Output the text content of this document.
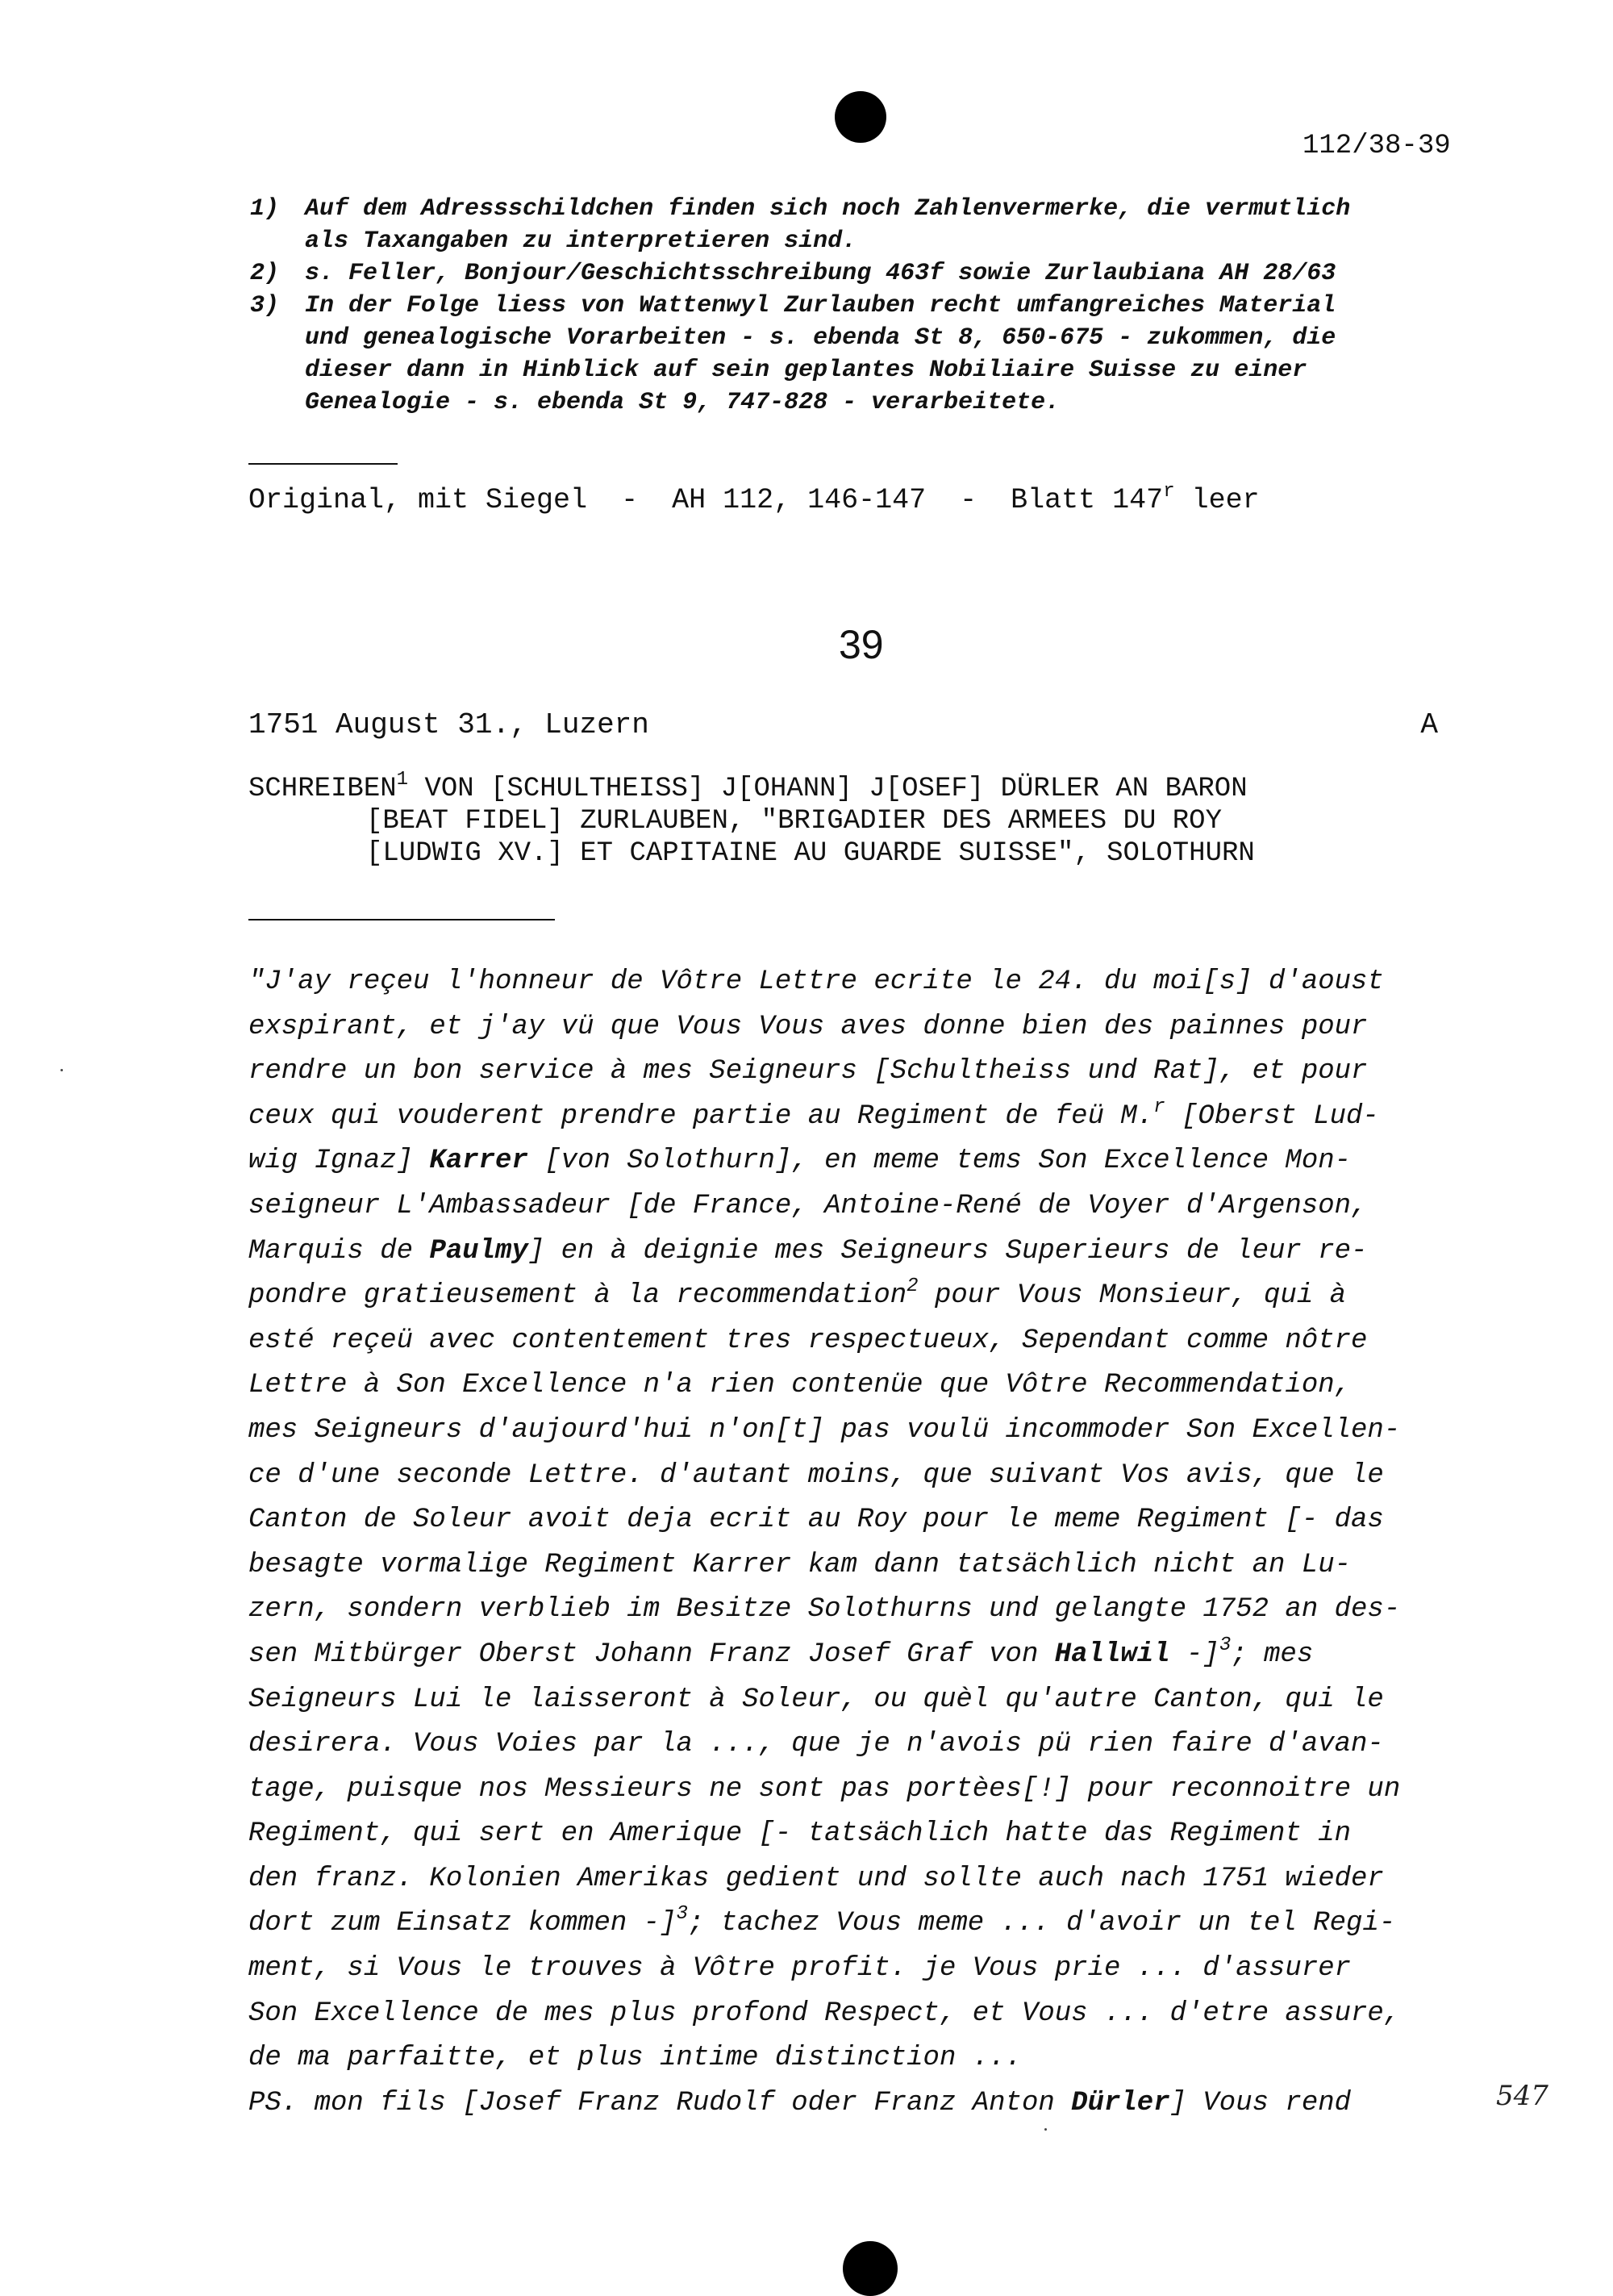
112/38-39
1)	Auf dem Adressschildchen finden sich noch Zahlenvermerke, die vermutlich
als Taxangaben zu interpretieren sind.
2)	s. Feller, Bonjour/Geschichtsschreibung 463f sowie Zurlaubiana AH 28/63
3)	In der Folge liess von Wattenwyl Zurlauben recht umfangreiches Material
und genealogische Vorarbeiten - s. ebenda St 8, 650-675 - zukommen, die
dieser dann in Hinblick auf sein geplantes Nobiliaire Suisse zu einer
Genealogie - s. ebenda St 9, 747-828 - verarbeitete.
Original, mit Siegel  -  AH 112, 146-147  -  Blatt 147$^r$ leer
39
1751 August 31., Luzern	A
SCHREIBEN$^1$ VON [SCHULTHEISS] J[OHANN] J[OSEF] DÜRLER AN BARON
[BEAT FIDEL] ZURLAUBEN, "BRIGADIER DES ARMEES DU ROY
[LUDWIG XV.] ET CAPITAINE AU GUARDE SUISSE", SOLOTHURN
"J'ay reçeu l'honneur de Vôtre Lettre ecrite le 24. du moi[s] d'aoust
exspirant, et j'ay vü que Vous Vous aves donne bien des painnes pour
rendre un bon service à mes Seigneurs [Schultheiss und Rat], et pour
ceux qui vouderent prendre partie au Regiment de feü M.$^r$ [Oberst Lud-
wig Ignaz] Karrer [von Solothurn], en meme tems Son Excellence Mon-
seigneur L'Ambassadeur [de France, Antoine-René de Voyer d'Argenson,
Marquis de Paulmy] en à deignie mes Seigneurs Superieurs de leur re-
pondre gratieusement à la recommendation$^2$ pour Vous Monsieur, qui à
esté reçeü avec contentement tres respectueux, Sependant comme nôtre
Lettre à Son Excellence n'a rien contenüe que Vôtre Recommendation,
mes Seigneurs d'aujourd'hui n'on[t] pas voulü incommoder Son Excellen-
ce d'une seconde Lettre. d'autant moins, que suivant Vos avis, que le
Canton de Soleur avoit deja ecrit au Roy pour le meme Regiment [- das
besagte vormalige Regiment Karrer kam dann tatsächlich nicht an Lu-
zern, sondern verblieb im Besitze Solothurns und gelangte 1752 an des-
sen Mitbürger Oberst Johann Franz Josef Graf von Hallwil -]$^3$; mes
Seigneurs Lui le laisseront à Soleur, ou quèl qu'autre Canton, qui le
desirera. Vous Voies par la ..., que je n'avois pü rien faire d'avan-
tage, puisque nos Messieurs ne sont pas portèes[!] pour reconnoitre un
Regiment, qui sert en Amerique [- tatsächlich hatte das Regiment in
den franz. Kolonien Amerikas gedient und sollte auch nach 1751 wieder
dort zum Einsatz kommen -]$^3$; tachez Vous meme ... d'avoir un tel Regi-
ment, si Vous le trouves à Vôtre profit. je Vous prie ... d'assurer
Son Excellence de mes plus profond Respect, et Vous ... d'etre assure,
de ma parfaitte, et plus intime distinction ...
PS. mon fils [Josef Franz Rudolf oder Franz Anton Dürler] Vous rend	547
